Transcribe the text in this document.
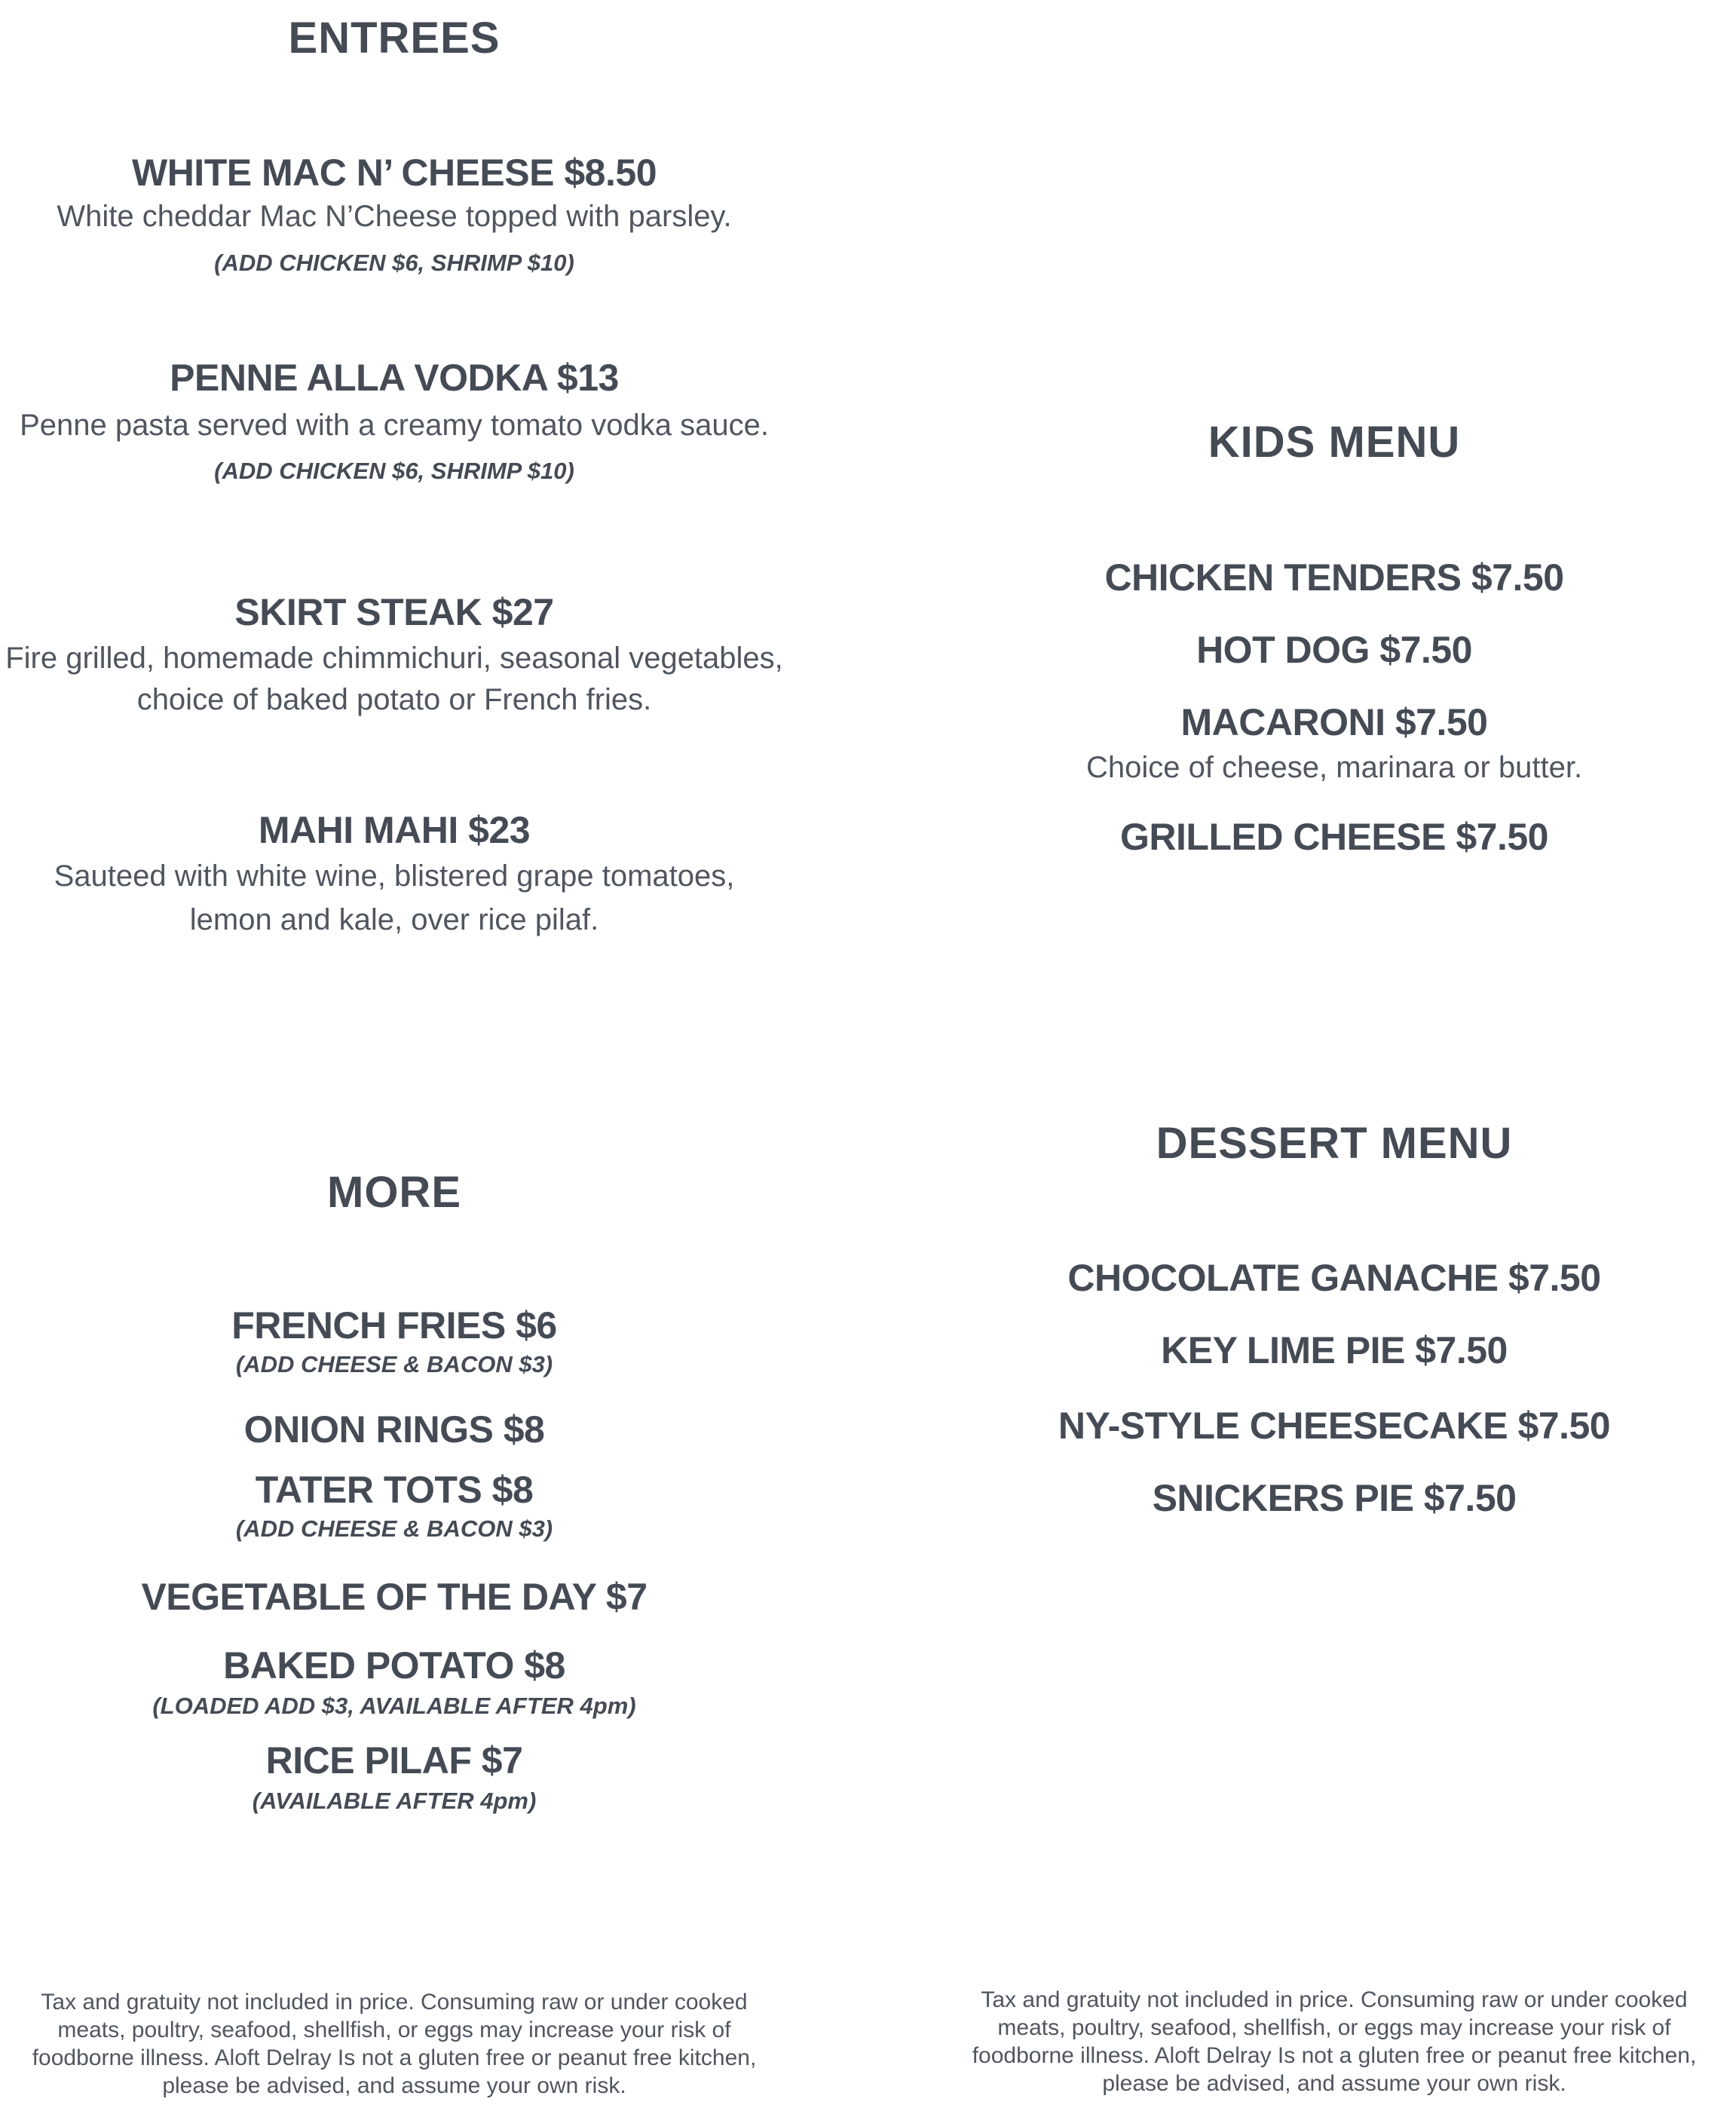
ENTREES
WHITE MAC N’ CHEESE $8.50
White cheddar Mac N’Cheese topped with parsley.
(ADD CHICKEN $6, SHRIMP $10)
PENNE ALLA VODKA $13
Penne pasta served with a creamy tomato vodka sauce.
(ADD CHICKEN $6, SHRIMP $10)
SKIRT STEAK $27
Fire grilled, homemade chimmichuri, seasonal vegetables,
choice of baked potato or French fries.
MAHI MAHI $23
Sauteed with white wine, blistered grape tomatoes,
lemon and kale, over rice pilaf.
MORE
FRENCH FRIES $6
(ADD CHEESE & BACON $3)
ONION RINGS $8
TATER TOTS $8
(ADD CHEESE & BACON $3)
VEGETABLE OF THE DAY $7
BAKED POTATO $8
(LOADED ADD $3, AVAILABLE AFTER 4pm)
RICE PILAF $7
(AVAILABLE AFTER 4pm)
Tax and gratuity not included in price. Consuming raw or under cooked meats, poultry, seafood, shellfish, or eggs may increase your risk of foodborne illness. Aloft Delray Is not a gluten free or peanut free kitchen, please be advised, and assume your own risk.
KIDS MENU
CHICKEN TENDERS $7.50
HOT DOG $7.50
MACARONI $7.50
Choice of cheese, marinara or butter.
GRILLED CHEESE $7.50
DESSERT MENU
CHOCOLATE GANACHE $7.50
KEY LIME PIE $7.50
NY-STYLE CHEESECAKE $7.50
SNICKERS PIE $7.50
Tax and gratuity not included in price. Consuming raw or under cooked meats, poultry, seafood, shellfish, or eggs may increase your risk of foodborne illness. Aloft Delray Is not a gluten free or peanut free kitchen, please be advised, and assume your own risk.
